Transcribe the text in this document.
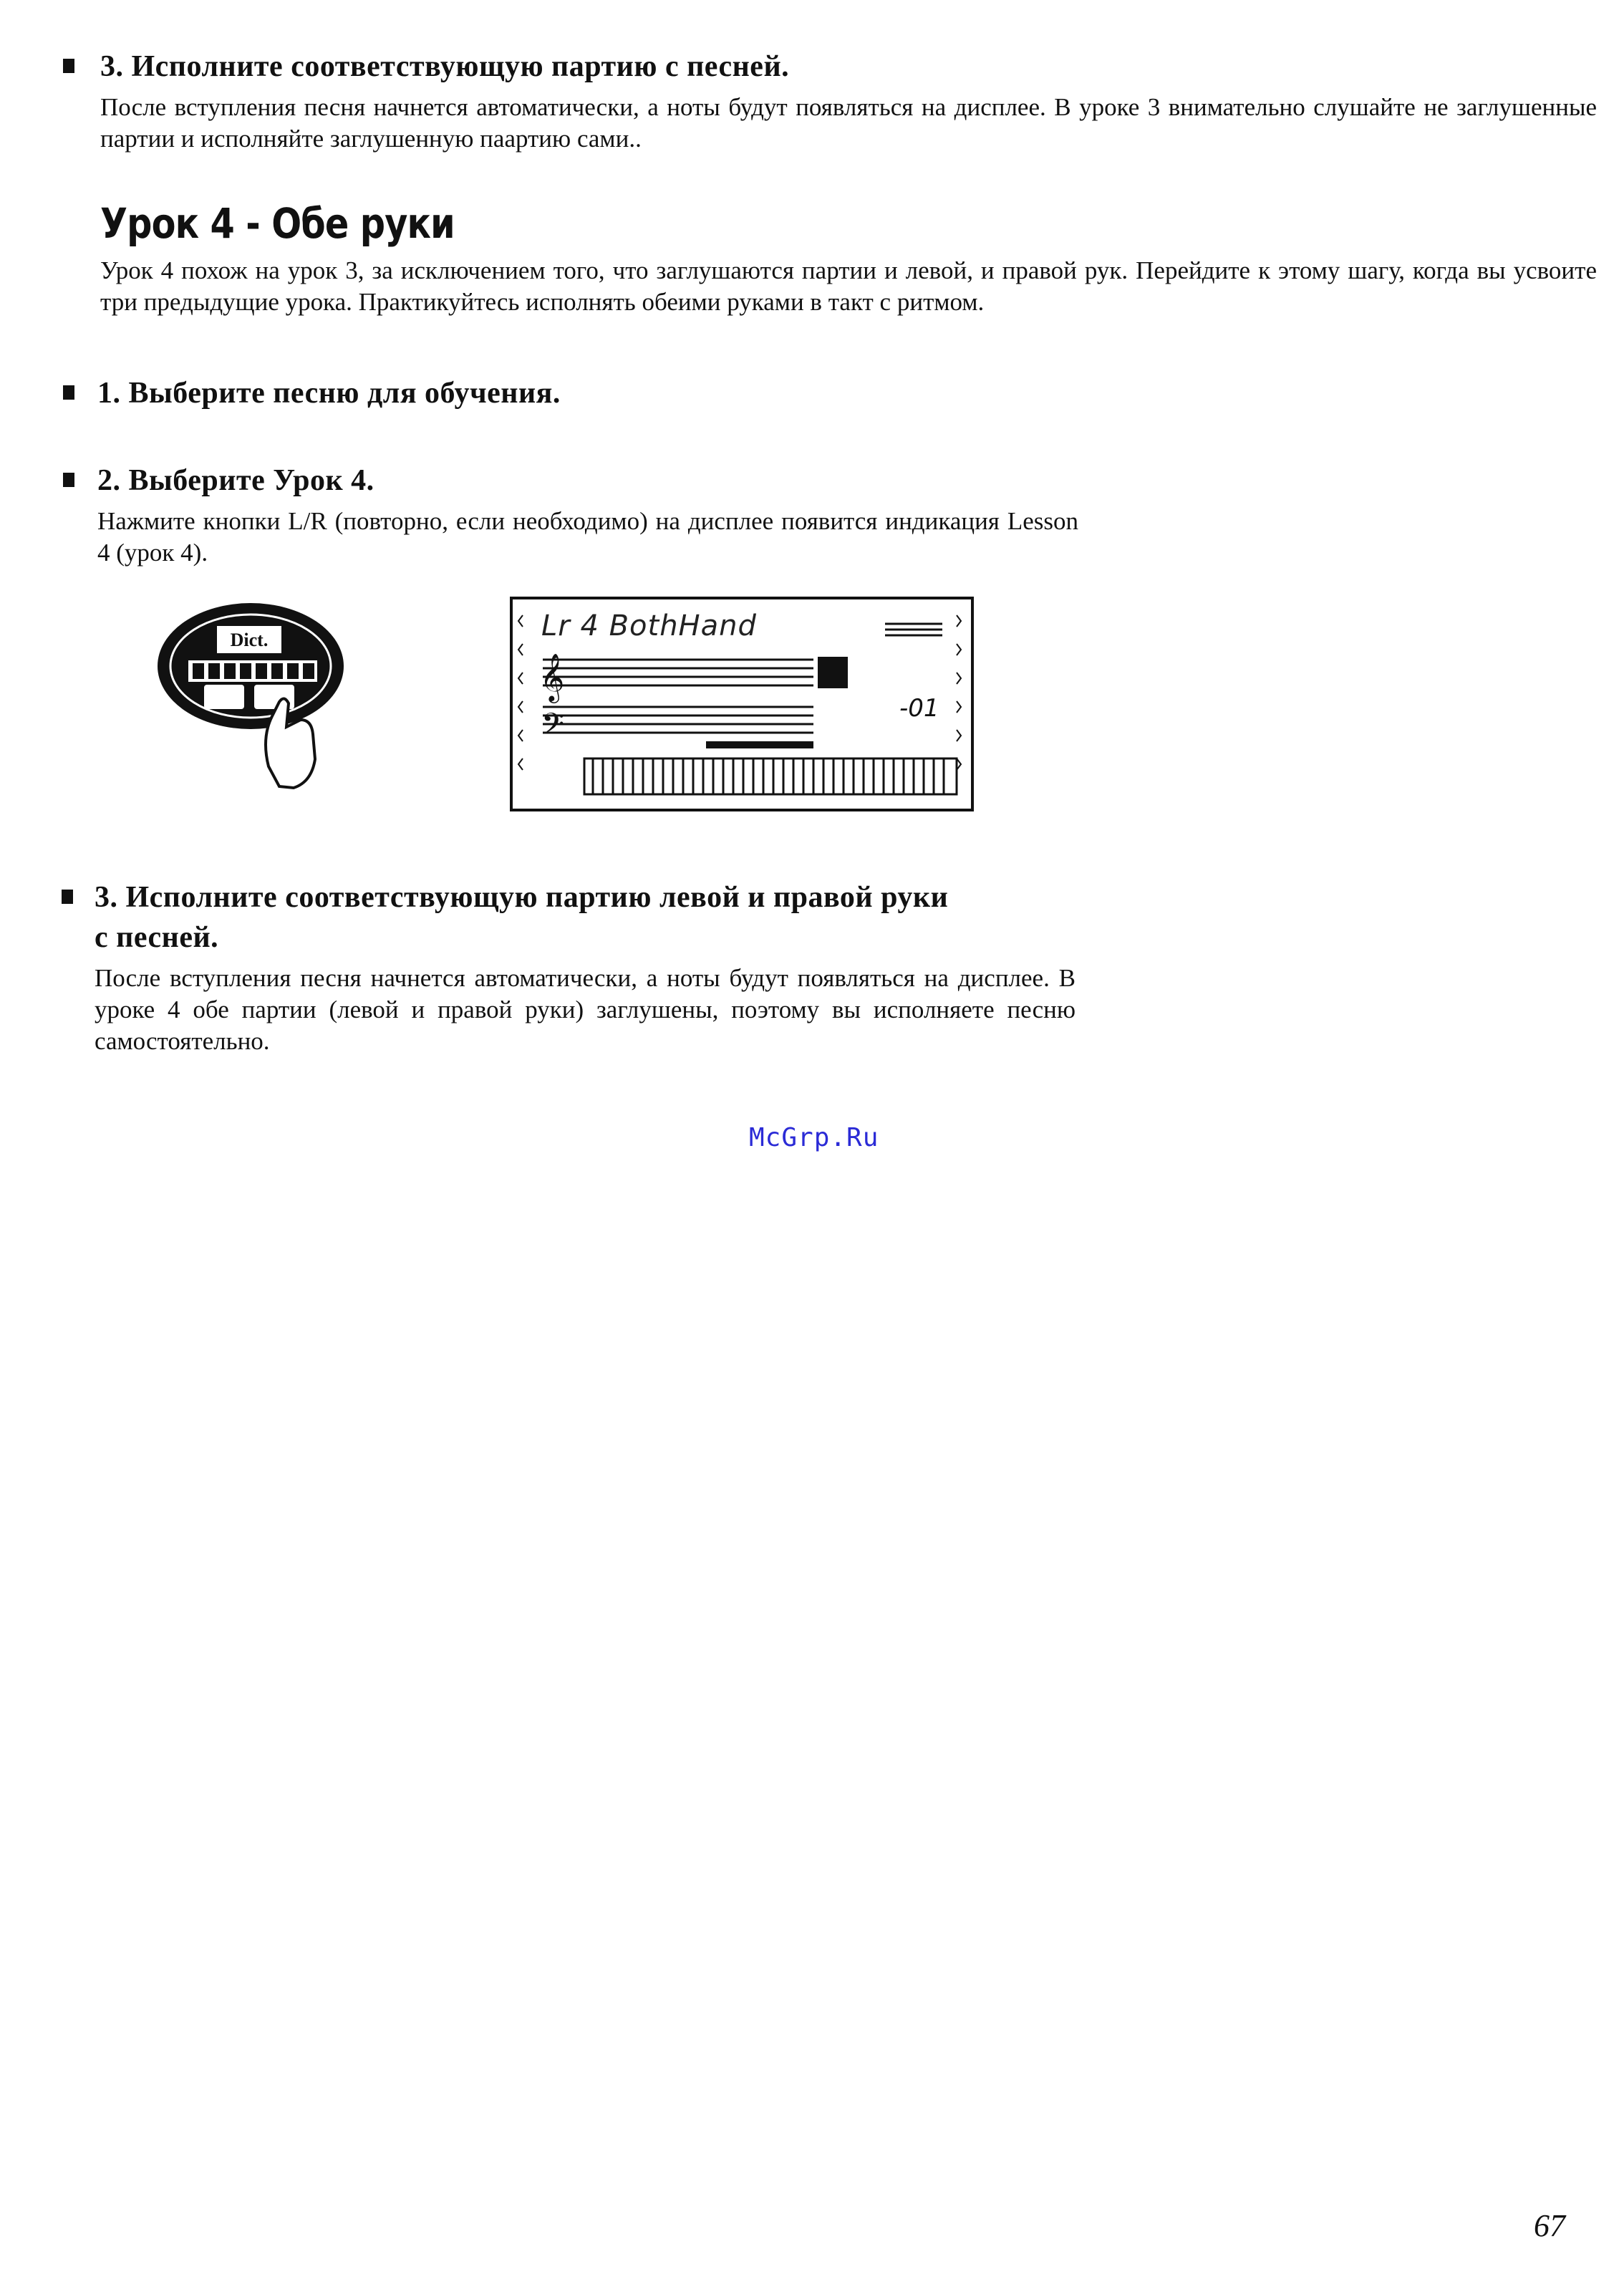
3. Исполните соответствующую партию с песней.
После вступления песня начнется автоматически, а ноты будут появляться на дисплее. В уроке 3 внимательно слушайте не заглушенные партии и исполняйте заглушенную паартию сами..
Урок 4 - Обе руки
Урок 4 похож на урок 3, за исключением того, что заглушаются партии и левой, и правой рук. Перейдите к этому шагу, когда вы усвоите три предыдущие урока. Практикуйтесь исполнять обеими руками в такт с ритмом.
1. Выберите песню для обучения.
2. Выберите Урок 4.
Нажмите кнопки L/R (повторно, если необходимо) на дисплее появится индикация Lesson 4 (урок 4).
Dict.	Lr 4 BothHand
𝄞
𝄢	-01
3. Исполните соответствующую партию левой и правой руки
с песней.
После вступления песня начнется автоматически, а ноты будут появляться на дисплее. В уроке 4 обе партии (левой и правой руки) заглушены, поэтому вы исполняете песню самостоятельно.
McGrp.Ru
67
